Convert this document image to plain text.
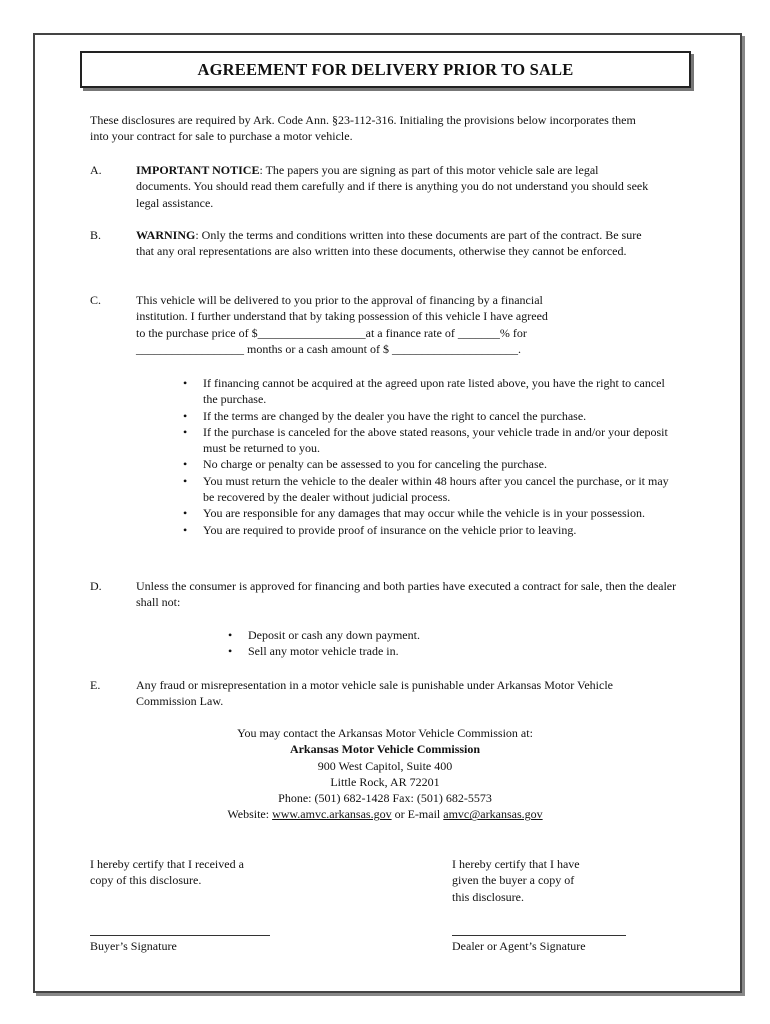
AGREEMENT FOR DELIVERY PRIOR TO SALE
These disclosures are required by Ark. Code Ann. §23-112-316. Initialing the provisions below incorporates them into your contract for sale to purchase a motor vehicle.
A.	IMPORTANT NOTICE: The papers you are signing as part of this motor vehicle sale are legal documents. You should read them carefully and if there is anything you do not understand you should seek legal assistance.
B.	WARNING: Only the terms and conditions written into these documents are part of the contract. Be sure that any oral representations are also written into these documents, otherwise they cannot be enforced.
C.	This vehicle will be delivered to you prior to the approval of financing by a financial
institution. I further understand that by taking possession of this vehicle I have agreed
to the purchase price of $__________________at a finance rate of _______% for
__________________ months or a cash amount of $ _____________________.
• If financing cannot be acquired at the agreed upon rate listed above, you have the right to cancel the purchase.
• If the terms are changed by the dealer you have the right to cancel the purchase.
• If the purchase is canceled for the above stated reasons, your vehicle trade in and/or your deposit must be returned to you.
• No charge or penalty can be assessed to you for canceling the purchase.
• You must return the vehicle to the dealer within 48 hours after you cancel the purchase, or it may be recovered by the dealer without judicial process.
• You are responsible for any damages that may occur while the vehicle is in your possession.
• You are required to provide proof of insurance on the vehicle prior to leaving.
D.	Unless the consumer is approved for financing and both parties have executed a contract for sale, then the dealer shall not:
• Deposit or cash any down payment.
• Sell any motor vehicle trade in.
E.	Any fraud or misrepresentation in a motor vehicle sale is punishable under Arkansas Motor Vehicle Commission Law.
You may contact the Arkansas Motor Vehicle Commission at:
Arkansas Motor Vehicle Commission
900 West Capitol, Suite 400
Little Rock, AR 72201
Phone: (501) 682-1428 Fax: (501) 682-5573
Website: www.amvc.arkansas.gov or E-mail amvc@arkansas.gov
I hereby certify that I received a
copy of this disclosure.
I hereby certify that I have
given the buyer a copy of
this disclosure.
Buyer’s Signature	Dealer or Agent’s Signature
